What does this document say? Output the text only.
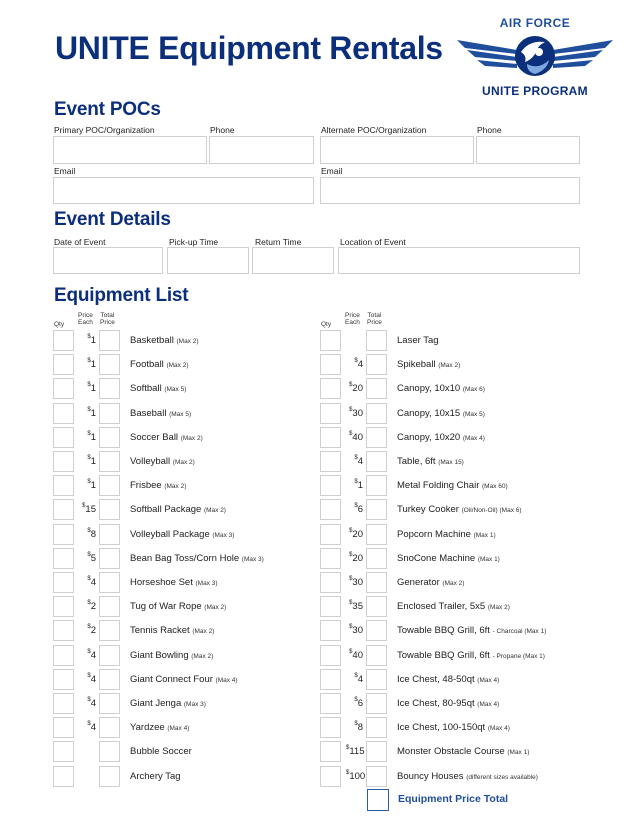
UNITE Equipment Rentals
AIR FORCE
UNITE PROGRAM
Event POCs
Primary POC/Organization	Phone	Alternate POC/Organization	Phone
Email	Email
Event Details
Date of Event	Pick-up Time	Return Time	Location of Event
Equipment List
Qty
Price
Each
Total
Price	Qty
Price
Each
Total
Price
$1	Basketball (Max 2)
$1	Football (Max 2)
$1	Softball (Max 5)
$1	Baseball (Max 5)
$1	Soccer Ball (Max 2)
$1	Volleyball (Max 2)
$1	Frisbee (Max 2)
$15	Softball Package (Max 2)
$8	Volleyball Package (Max 3)
$5	Bean Bag Toss/Corn Hole (Max 3)
$4	Horseshoe Set (Max 3)
$2	Tug of War Rope (Max 2)
$2	Tennis Racket (Max 2)
$4	Giant Bowling (Max 2)
$4	Giant Connect Four (Max 4)
$4	Giant Jenga (Max 3)
$4	Yardzee (Max 4)
Bubble Soccer
Archery Tag
Laser Tag
$4	Spikeball (Max 2)
$20	Canopy, 10x10 (Max 6)
$30	Canopy, 10x15 (Max 5)
$40	Canopy, 10x20 (Max 4)
$4	Table, 6ft (Max 15)
$1	Metal Folding Chair (Max 60)
$6	Turkey Cooker (Oil/Non-Oil) (Max 6)
$20	Popcorn Machine (Max 1)
$20	SnoCone Machine (Max 1)
$30	Generator (Max 2)
$35	Enclosed Trailer, 5x5 (Max 2)
$30	Towable BBQ Grill, 6ft - Charcoal (Max 1)
$40	Towable BBQ Grill, 6ft - Propane (Max 1)
$4	Ice Chest, 48-50qt (Max 4)
$6	Ice Chest, 80-95qt (Max 4)
$8	Ice Chest, 100-150qt (Max 4)
$115	Monster Obstacle Course (Max 1)
$100	Bouncy Houses (different sizes available)
Equipment Price Total
